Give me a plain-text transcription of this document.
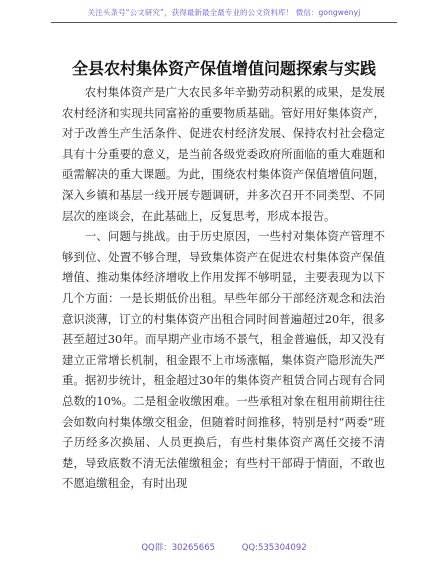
关注头条号“公文研究”，获得最新最全最专业的公文资料库！ 微信：gongwenyj
全县农村集体资产保值增值问题探索与实践

农村集体资产是广大农民多年辛勤劳动积累的成果，是发展农村经济和实现共同富裕的重要物质基础。管好用好集体资产，对于改善生产生活条件、促进农村经济发展、保持农村社会稳定具有十分重要的意义，是当前各级党委政府所面临的重大难题和亟需解决的重大课题。为此，围绕农村集体资产保值增值问题，深入乡镇和基层一线开展专题调研，并多次召开不同类型、不同层次的座谈会，在此基础上，反复思考，形成本报告。

一、问题与挑战。由于历史原因，一些村对集体资产管理不够到位、处置不够合理，导致集体资产在促进农村集体资产保值增值、推动集体经济增收上作用发挥不够明显，主要表现为以下几个方面：一是长期低价出租。早些年部分干部经济观念和法治意识淡薄，订立的村集体资产出租合同时间普遍超过20年，很多甚至超过30年。而早期产业市场不景气，租金普遍低，却又没有建立正常增长机制，租金跟不上市场涨幅，集体资产隐形流失严重。据初步统计，租金超过30年的集体资产租赁合同占现有合同总数的10%。二是租金收缴困难。一些承租对象在租用前期往往会如数向村集体缴交租金，但随着时间推移，特别是村“两委”班子历经多次换届、人员更换后，有些村集体资产离任交接不清楚，导致底数不清无法催缴租金；有些村干部碍于情面，不敢也不愿追缴租金，有时出现

QQ群：30265665	QQ:535304092
